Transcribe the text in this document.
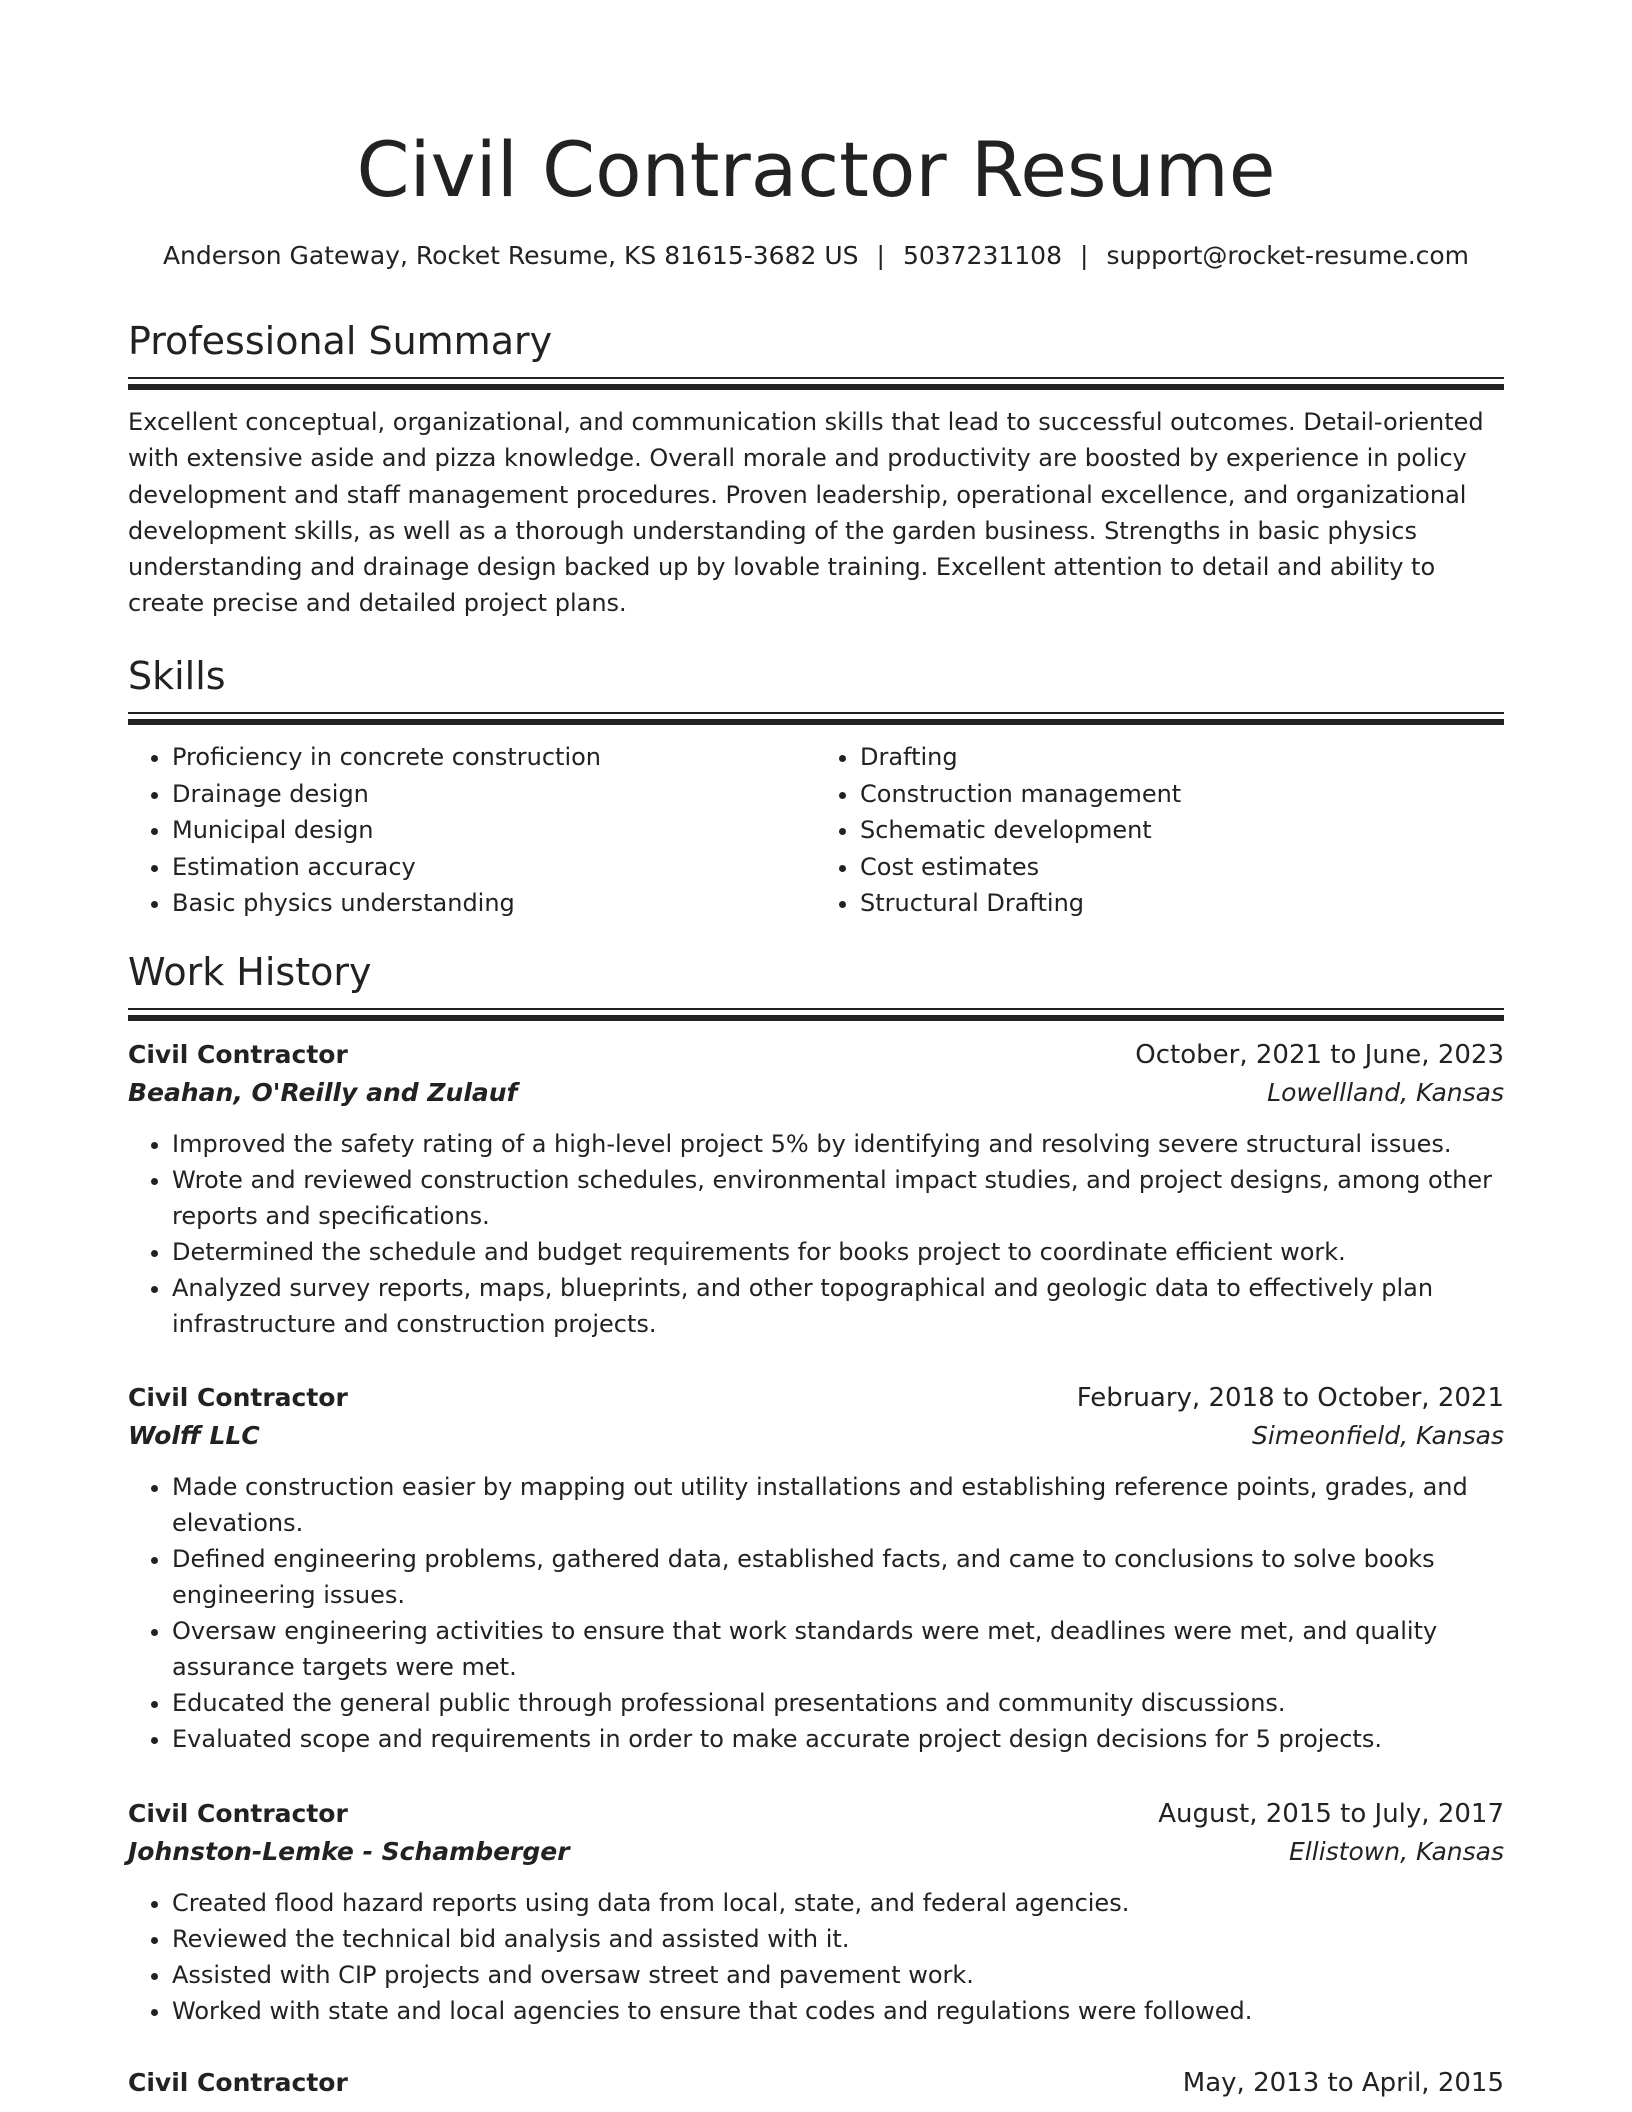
Civil Contractor Resume
Anderson Gateway, Rocket Resume, KS 81615-3682 US | 5037231108 | support@rocket-resume.com
Professional Summary
Excellent conceptual, organizational, and communication skills that lead to successful outcomes. Detail-oriented with extensive aside and pizza knowledge. Overall morale and productivity are boosted by experience in policy development and staff management procedures. Proven leadership, operational excellence, and organizational development skills, as well as a thorough understanding of the garden business. Strengths in basic physics understanding and drainage design backed up by lovable training. Excellent attention to detail and ability to create precise and detailed project plans.
Skills
• Proficiency in concrete construction
• Drainage design
• Municipal design
• Estimation accuracy
• Basic physics understanding
• Drafting
• Construction management
• Schematic development
• Cost estimates
• Structural Drafting
Work History
Civil Contractor	October, 2021 to June, 2023
Beahan, O'Reilly and Zulauf	Lowellland, Kansas
• Improved the safety rating of a high-level project 5% by identifying and resolving severe structural issues.
• Wrote and reviewed construction schedules, environmental impact studies, and project designs, among other reports and specifications.
• Determined the schedule and budget requirements for books project to coordinate efficient work.
• Analyzed survey reports, maps, blueprints, and other topographical and geologic data to effectively plan infrastructure and construction projects.
Civil Contractor	February, 2018 to October, 2021
Wolff LLC	Simeonfield, Kansas
• Made construction easier by mapping out utility installations and establishing reference points, grades, and elevations.
• Defined engineering problems, gathered data, established facts, and came to conclusions to solve books engineering issues.
• Oversaw engineering activities to ensure that work standards were met, deadlines were met, and quality assurance targets were met.
• Educated the general public through professional presentations and community discussions.
• Evaluated scope and requirements in order to make accurate project design decisions for 5 projects.
Civil Contractor	August, 2015 to July, 2017
Johnston-Lemke - Schamberger	Ellistown, Kansas
• Created flood hazard reports using data from local, state, and federal agencies.
• Reviewed the technical bid analysis and assisted with it.
• Assisted with CIP projects and oversaw street and pavement work.
• Worked with state and local agencies to ensure that codes and regulations were followed.
Civil Contractor	May, 2013 to April, 2015
